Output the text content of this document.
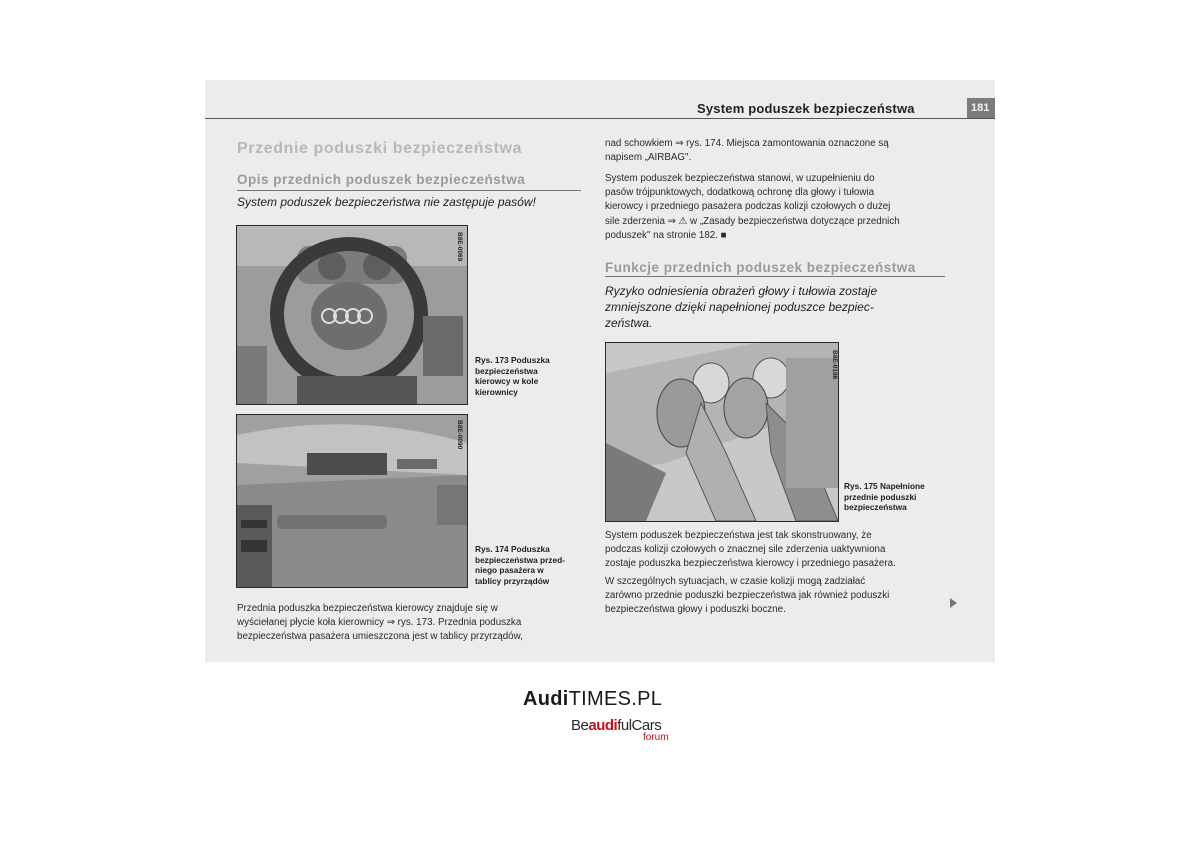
System poduszek bezpieczeństwa	181
Przednie poduszki bezpieczeństwa
Opis przednich poduszek bezpieczeństwa
System poduszek bezpieczeństwa nie zastępuje pasów!
B8E-0069
Rys. 173 Poduszka
bezpieczeństwa
kierowcy w kole
kierownicy
B8E-0090
Rys. 174 Poduszka
bezpieczeństwa przed-
niego pasażera w
tablicy przyrządów
Przednia poduszka bezpieczeństwa kierowcy znajduje się w
wyściełanej płycie koła kierownicy ⇒ rys. 173. Przednia poduszka
bezpieczeństwa pasażera umieszczona jest w tablicy przyrządów,
nad schowkiem ⇒ rys. 174. Miejsca zamontowania oznaczone są
napisem „AIRBAG".
System poduszek bezpieczeństwa stanowi, w uzupełnieniu do
pasów trójpunktowych, dodatkową ochronę dla głowy i tułowia
kierowcy i przedniego pasażera podczas kolizji czołowych o dużej
sile zderzenia ⇒ ⚠ w „Zasady bezpieczeństwa dotyczące przednich
poduszek" na stronie 182. ■
Funkcje przednich poduszek bezpieczeństwa
Ryzyko odniesienia obrażeń głowy i tułowia zostaje
zmniejszone dzięki napełnionej poduszce bezpiec-
zeństwa.
B8E-0196
Rys. 175 Napełnione
przednie poduszki
bezpieczeństwa
System poduszek bezpieczeństwa jest tak skonstruowany, że
podczas kolizji czołowych o znacznej sile zderzenia uaktywniona
zostaje poduszka bezpieczeństwa kierowcy i przedniego pasażera.
W szczególnych sytuacjach, w czasie kolizji mogą zadziałać
zarówno przednie poduszki bezpieczeństwa jak również poduszki
bezpieczeństwa głowy i poduszki boczne.
AudiTIMES.PL
BeaudifulCars
forum
